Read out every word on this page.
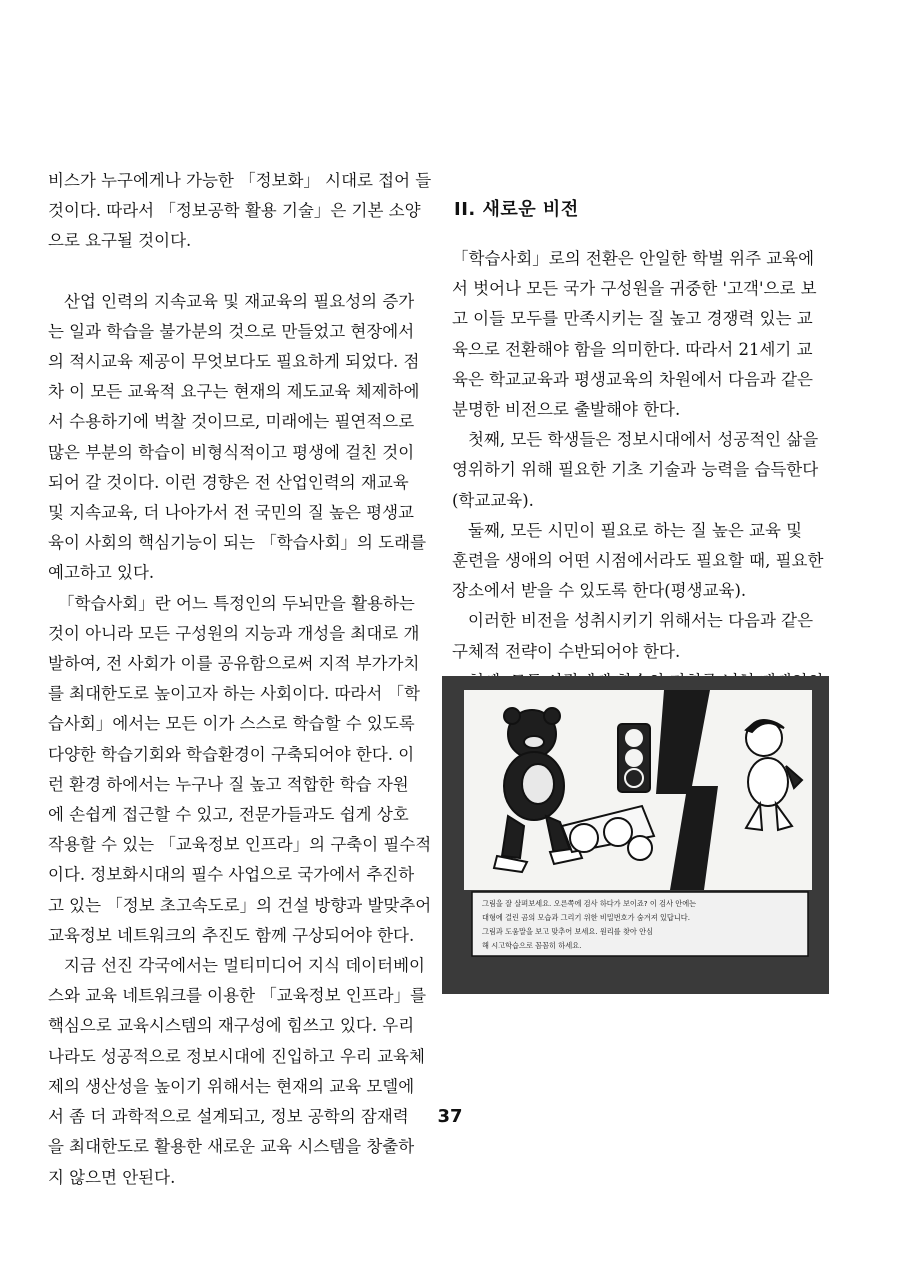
비스가 누구에게나 가능한 「정보화」 시대로 접어 들
것이다. 따라서 「정보공학 활용 기술」은 기본 소양
으로 요구될 것이다.

산업 인력의 지속교육 및 재교육의 필요성의 증가
는 일과 학습을 불가분의 것으로 만들었고 현장에서
의 적시교육 제공이 무엇보다도 필요하게 되었다. 점
차 이 모든 교육적 요구는 현재의 제도교육 체제하에
서 수용하기에 벅찰 것이므로, 미래에는 필연적으로
많은 부분의 학습이 비형식적이고 평생에 걸친 것이
되어 갈 것이다. 이런 경향은 전 산업인력의 재교육
및 지속교육, 더 나아가서 전 국민의 질 높은 평생교
육이 사회의 핵심기능이 되는 「학습사회」의 도래를
예고하고 있다.

「학습사회」란 어느 특정인의 두뇌만을 활용하는
것이 아니라 모든 구성원의 지능과 개성을 최대로 개
발하여, 전 사회가 이를 공유함으로써 지적 부가가치
를 최대한도로 높이고자 하는 사회이다. 따라서 「학
습사회」에서는 모든 이가 스스로 학습할 수 있도록
다양한 학습기회와 학습환경이 구축되어야 한다. 이
런 환경 하에서는 누구나 질 높고 적합한 학습 자원
에 손쉽게 접근할 수 있고, 전문가들과도 쉽게 상호
작용할 수 있는 「교육정보 인프라」의 구축이 필수적
이다. 정보화시대의 필수 사업으로 국가에서 추진하
고 있는 「정보 초고속도로」의 건설 방향과 발맞추어
교육정보 네트워크의 추진도 함께 구상되어야 한다.

지금 선진 각국에서는 멀티미디어 지식 데이터베이
스와 교육 네트워크를 이용한 「교육정보 인프라」를
핵심으로 교육시스템의 재구성에 힘쓰고 있다. 우리
나라도 성공적으로 정보시대에 진입하고 우리 교육체
제의 생산성을 높이기 위해서는 현재의 교육 모델에
서 좀 더 과학적으로 설계되고, 정보 공학의 잠재력
을 최대한도로 활용한 새로운 교육 시스템을 창출하
지 않으면 안된다.

II. 새로운 비전

「학습사회」로의 전환은 안일한 학벌 위주 교육에
서 벗어나 모든 국가 구성원을 귀중한 '고객'으로 보
고 이들 모두를 만족시키는 질 높고 경쟁력 있는 교
육으로 전환해야 함을 의미한다. 따라서 21세기 교
육은 학교교육과 평생교육의 차원에서 다음과 같은
분명한 비전으로 출발해야 한다.

첫째, 모든 학생들은 정보시대에서 성공적인 삶을
영위하기 위해 필요한 기초 기술과 능력을 습득한다
(학교교육).

둘째, 모든 시민이 필요로 하는 질 높은 교육 및
훈련을 생애의 어떤 시점에서라도 필요할 때, 필요한
장소에서 받을 수 있도록 한다(평생교육).

이러한 비전을 성취시키기 위해서는 다음과 같은
구체적 전략이 수반되어야 한다.

그림을 잘 살펴보세요. 오른쪽에 검사 하다가 보이죠? 이 검사 안에는
대형에 걸린 곰의 모습과 그리기 위한 비밀번호가 숨겨져 있답니다.
그림과 도움말을 보고 맞추어 보세요. 원리를 찾아 안심
해 시고학습으로 꼼꼼히 하세요.
37
